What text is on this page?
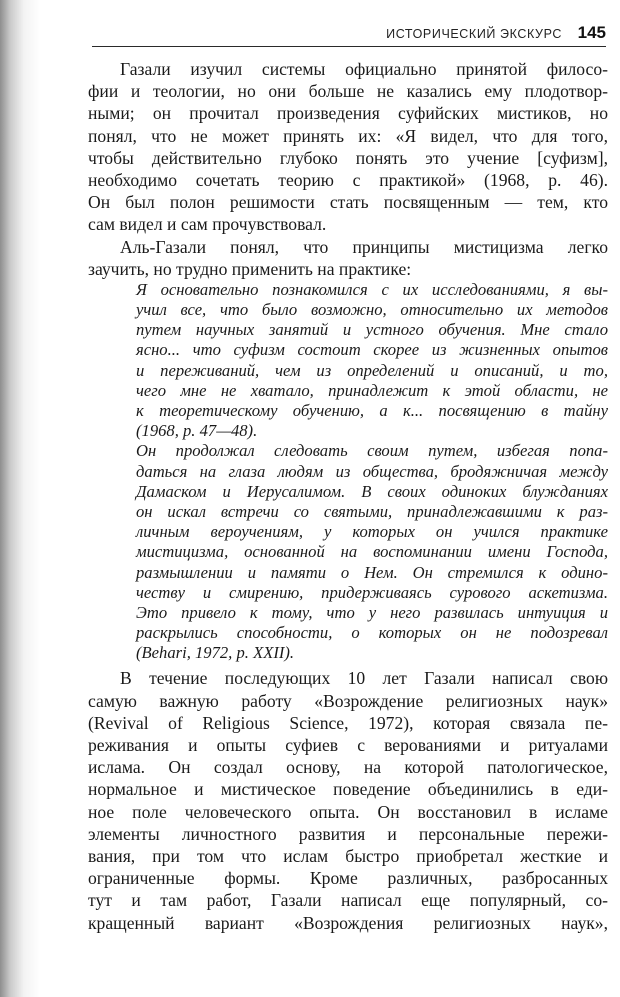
ИСТОРИЧЕСКИЙ ЭКСКУРС 145
Газали изучил системы официально принятой филосо-
фии и теологии, но они больше не казались ему плодотвор-
ными; он прочитал произведения суфийских мистиков, но
понял, что не может принять их: «Я видел, что для того,
чтобы действительно глубоко понять это учение [суфизм],
необходимо сочетать теорию с практикой» (1968, p. 46).
Он был полон решимости стать посвященным — тем, кто
сам видел и сам прочувствовал.
Аль-Газали понял, что принципы мистицизма легко
заучить, но трудно применить на практике:
Я основательно познакомился с их исследованиями, я вы-
учил все, что было возможно, относительно их методов
путем научных занятий и устного обучения. Мне стало
ясно... что суфизм состоит скорее из жизненных опытов
и переживаний, чем из определений и описаний, и то,
чего мне не хватало, принадлежит к этой области, не
к теоретическому обучению, а к... посвящению в тайну
(1968, p. 47—48).
Он продолжал следовать своим путем, избегая попа-
даться на глаза людям из общества, бродяжничая между
Дамаском и Иерусалимом. В своих одиноких блужданиях
он искал встречи со святыми, принадлежавшими к раз-
личным вероучениям, у которых он учился практике
мистицизма, основанной на воспоминании имени Господа,
размышлении и памяти о Нем. Он стремился к одино-
честву и смирению, придерживаясь сурового аскетизма.
Это привело к тому, что у него развилась интуиция и
раскрылись способности, о которых он не подозревал
(Behari, 1972, p. XXII).
В течение последующих 10 лет Газали написал свою
самую важную работу «Возрождение религиозных наук»
(Revival of Religious Science, 1972), которая связала пе-
реживания и опыты суфиев с верованиями и ритуалами
ислама. Он создал основу, на которой патологическое,
нормальное и мистическое поведение объединились в еди-
ное поле человеческого опыта. Он восстановил в исламе
элементы личностного развития и персональные пережи-
вания, при том что ислам быстро приобретал жесткие и
ограниченные формы. Кроме различных, разбросанных
тут и там работ, Газали написал еще популярный, со-
кращенный вариант «Возрождения религиозных наук»,
